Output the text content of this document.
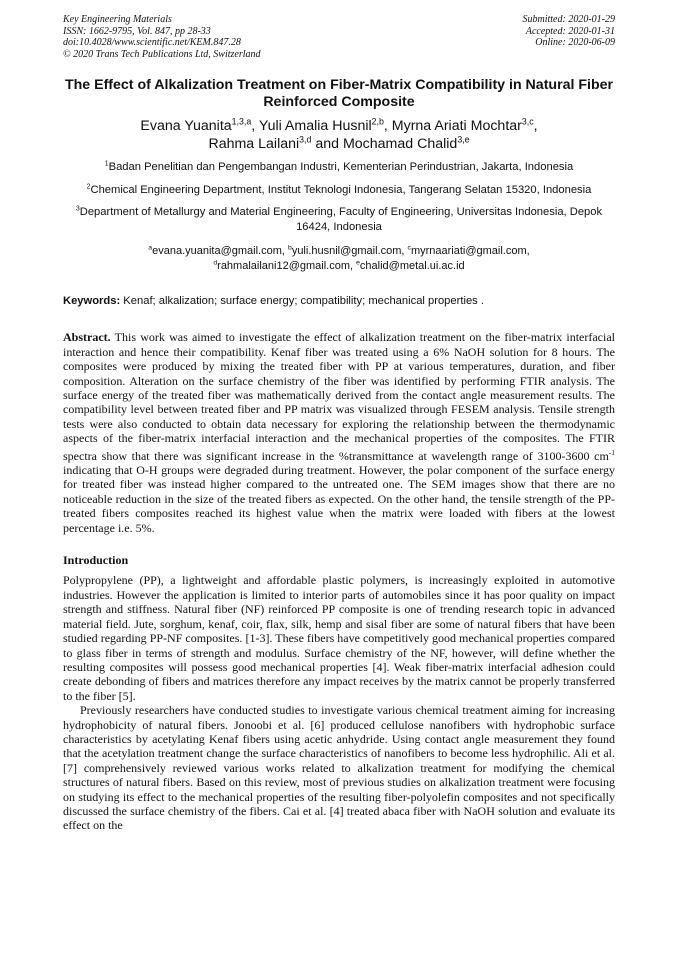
Key Engineering Materials
ISSN: 1662-9795, Vol. 847, pp 28-33
doi:10.4028/www.scientific.net/KEM.847.28
© 2020 Trans Tech Publications Ltd, Switzerland
Submitted: 2020-01-29
Accepted: 2020-01-31
Online: 2020-06-09
The Effect of Alkalization Treatment on Fiber-Matrix Compatibility in Natural Fiber Reinforced Composite
Evana Yuanita$^{1,3,a}$, Yuli Amalia Husnil$^{2,b}$, Myrna Ariati Mochtar$^{3,c}$,
Rahma Lailani$^{3,d}$ and Mochamad Chalid$^{3,e}$
$^1$Badan Penelitian dan Pengembangan Industri, Kementerian Perindustrian, Jakarta, Indonesia
$^2$Chemical Engineering Department, Institut Teknologi Indonesia, Tangerang Selatan 15320, Indonesia
$^3$Department of Metallurgy and Material Engineering, Faculty of Engineering, Universitas Indonesia, Depok 16424, Indonesia
$^a$evana.yuanita@gmail.com, $^b$yuli.husnil@gmail.com, $^c$myrnaariati@gmail.com,
$^d$rahmalailani12@gmail.com, $^e$chalid@metal.ui.ac.id
Keywords: Kenaf; alkalization; surface energy; compatibility; mechanical properties .
Abstract. This work was aimed to investigate the effect of alkalization treatment on the fiber-matrix interfacial interaction and hence their compatibility. Kenaf fiber was treated using a 6% NaOH solution for 8 hours. The composites were produced by mixing the treated fiber with PP at various temperatures, duration, and fiber composition. Alteration on the surface chemistry of the fiber was identified by performing FTIR analysis. The surface energy of the treated fiber was mathematically derived from the contact angle measurement results. The compatibility level between treated fiber and PP matrix was visualized through FESEM analysis. Tensile strength tests were also conducted to obtain data necessary for exploring the relationship between the thermodynamic aspects of the fiber-matrix interfacial interaction and the mechanical properties of the composites. The FTIR spectra show that there was significant increase in the %transmittance at wavelength range of 3100-3600 $cm^{-1}$ indicating that O-H groups were degraded during treatment. However, the polar component of the surface energy for treated fiber was instead higher compared to the untreated one. The SEM images show that there are no noticeable reduction in the size of the treated fibers as expected. On the other hand, the tensile strength of the PP-treated fibers composites reached its highest value when the matrix were loaded with fibers at the lowest percentage i.e. 5%.
Introduction
Polypropylene (PP), a lightweight and affordable plastic polymers, is increasingly exploited in automotive industries. However the application is limited to interior parts of automobiles since it has poor quality on impact strength and stiffness. Natural fiber (NF) reinforced PP composite is one of trending research topic in advanced material field. Jute, sorghum, kenaf, coir, flax, silk, hemp and sisal fiber are some of natural fibers that have been studied regarding PP-NF composites. [1-3]. These fibers have competitively good mechanical properties compared to glass fiber in terms of strength and modulus. Surface chemistry of the NF, however, will define whether the resulting composites will possess good mechanical properties [4]. Weak fiber-matrix interfacial adhesion could create debonding of fibers and matrices therefore any impact receives by the matrix cannot be properly transferred to the fiber [5].
Previously researchers have conducted studies to investigate various chemical treatment aiming for increasing hydrophobicity of natural fibers. Jonoobi et al. [6] produced cellulose nanofibers with hydrophobic surface characteristics by acetylating Kenaf fibers using acetic anhydride. Using contact angle measurement they found that the acetylation treatment change the surface characteristics of nanofibers to become less hydrophilic. Ali et al. [7] comprehensively reviewed various works related to alkalization treatment for modifying the chemical structures of natural fibers. Based on this review, most of previous studies on alkalization treatment were focusing on studying its effect to the mechanical properties of the resulting fiber-polyolefin composites and not specifically discussed the surface chemistry of the fibers. Cai et al. [4] treated abaca fiber with NaOH solution and evaluate its effect on the
